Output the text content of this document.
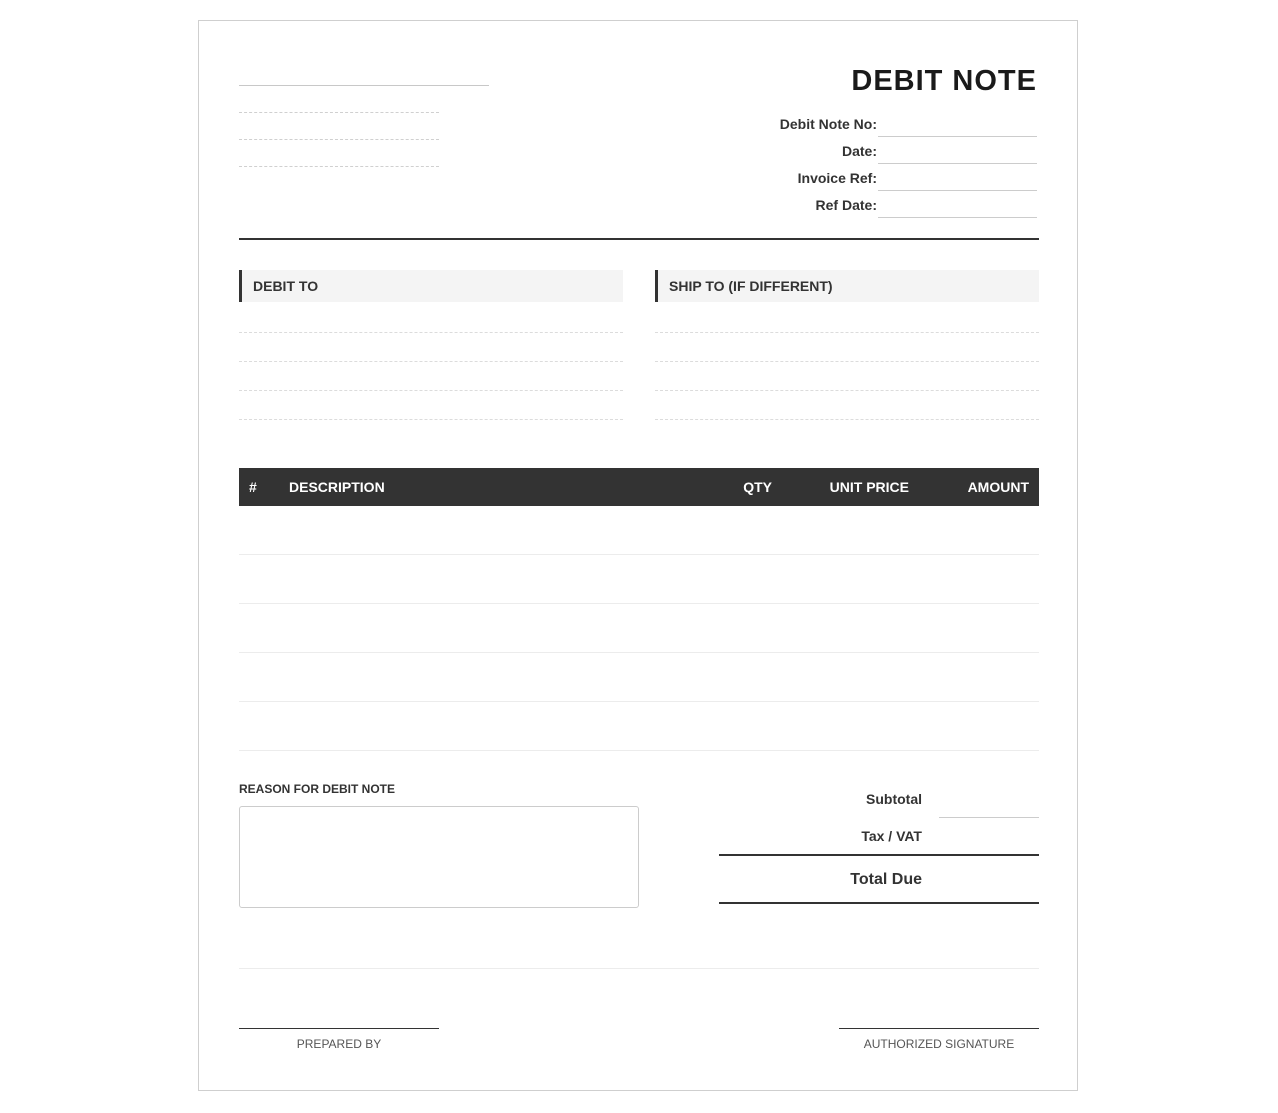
DEBIT NOTE
Debit Note No:
Date:
Invoice Ref:
Ref Date:
DEBIT TO	SHIP TO (IF DIFFERENT)
# DESCRIPTION	QTY	UNIT PRICE	AMOUNT
REASON FOR DEBIT NOTE
Subtotal
Tax / VAT
Total Due
PREPARED BY	AUTHORIZED SIGNATURE
